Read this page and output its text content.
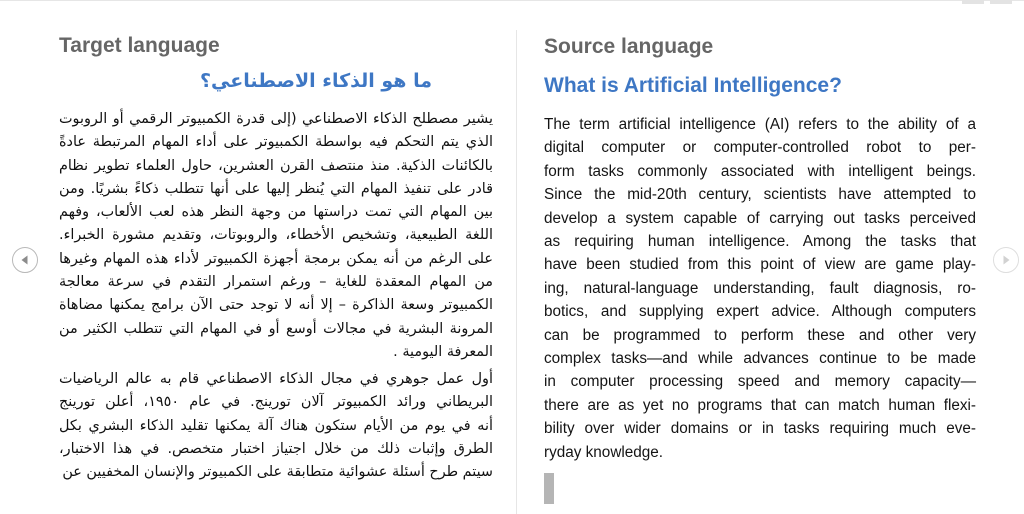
Target language
ما هو الذكاء الاصطناعي؟
يشير مصطلح الذكاء الاصطناعي (إلى قدرة الكمبيوتر الرقمي أو الروبوت
الذي يتم التحكم فيه بواسطة الكمبيوتر على أداء المهام المرتبطة عادةً
بالكائنات الذكية. منذ منتصف القرن العشرين، حاول العلماء تطوير نظام
قادر على تنفيذ المهام التي يُنظر إليها على أنها تتطلب ذكاءً بشريًا. ومن
بين المهام التي تمت دراستها من وجهة النظر هذه لعب الألعاب، وفهم
اللغة الطبيعية، وتشخيص الأخطاء، والروبوتات، وتقديم مشورة الخبراء.
على الرغم من أنه يمكن برمجة أجهزة الكمبيوتر لأداء هذه المهام وغيرها
من المهام المعقدة للغاية – ورغم استمرار التقدم في سرعة معالجة
الكمبيوتر وسعة الذاكرة – إلا أنه لا توجد حتى الآن برامج يمكنها مضاهاة
المرونة البشرية في مجالات أوسع أو في المهام التي تتطلب الكثير من
المعرفة اليومية .
أول عمل جوهري في مجال الذكاء الاصطناعي قام به عالم الرياضيات
البريطاني ورائد الكمبيوتر آلان تورينج. في عام ١٩٥٠، أعلن تورينج
أنه في يوم من الأيام ستكون هناك آلة يمكنها تقليد الذكاء البشري بكل
الطرق وإثبات ذلك من خلال اجتياز اختبار متخصص. في هذا الاختبار،
سيتم طرح أسئلة عشوائية متطابقة على الكمبيوتر والإنسان المخفيين عن
Source language
What is Artificial Intelligence?
The term artificial intelligence (AI) refers to the ability of a
digital computer or computer-controlled robot to per-
form tasks commonly associated with intelligent beings.
Since the mid-20th century, scientists have attempted to
develop a system capable of carrying out tasks perceived
as requiring human intelligence. Among the tasks that
have been studied from this point of view are game play-
ing, natural-language understanding, fault diagnosis, ro-
botics, and supplying expert advice. Although computers
can be programmed to perform these and other very
complex tasks—and while advances continue to be made
in computer processing speed and memory capacity—
there are as yet no programs that can match human flexi-
bility over wider domains or in tasks requiring much eve-
ryday knowledge.
